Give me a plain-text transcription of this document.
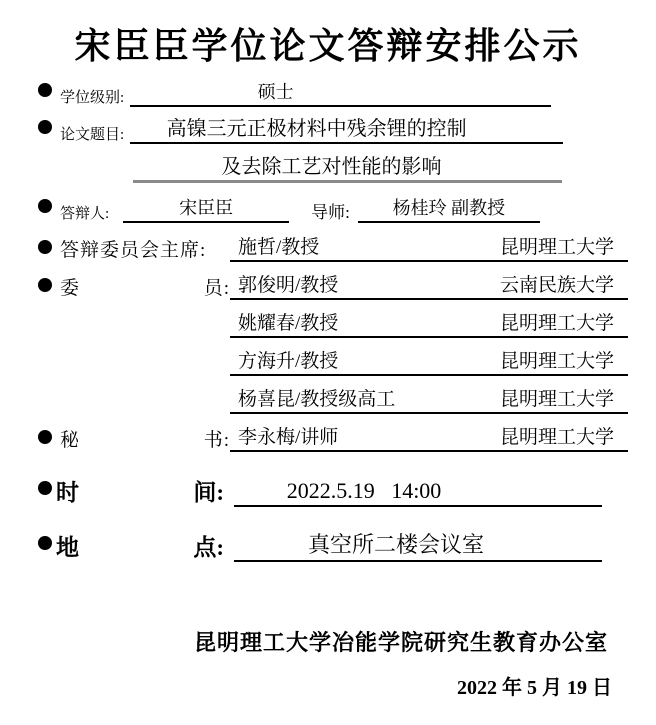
宋臣臣学位论文答辩安排公示
学位级别:	硕士
论文题目: 高镍三元正极材料中残余锂的控制
及去除工艺对性能的影响
答辩人:	宋臣臣	导师: 杨桂玲 副教授
答辩委员会主席:	施哲/教授	昆明理工大学
委	员: 郭俊明/教授	云南民族大学
姚耀春/教授	昆明理工大学
方海升/教授	昆明理工大学
杨喜昆/教授级高工	昆明理工大学
秘	书: 李永梅/讲师	昆明理工大学
时	间:	2022.5.19   14:00
地	点:	真空所二楼会议室
昆明理工大学冶能学院研究生教育办公室
2022 年 5 月 19 日
